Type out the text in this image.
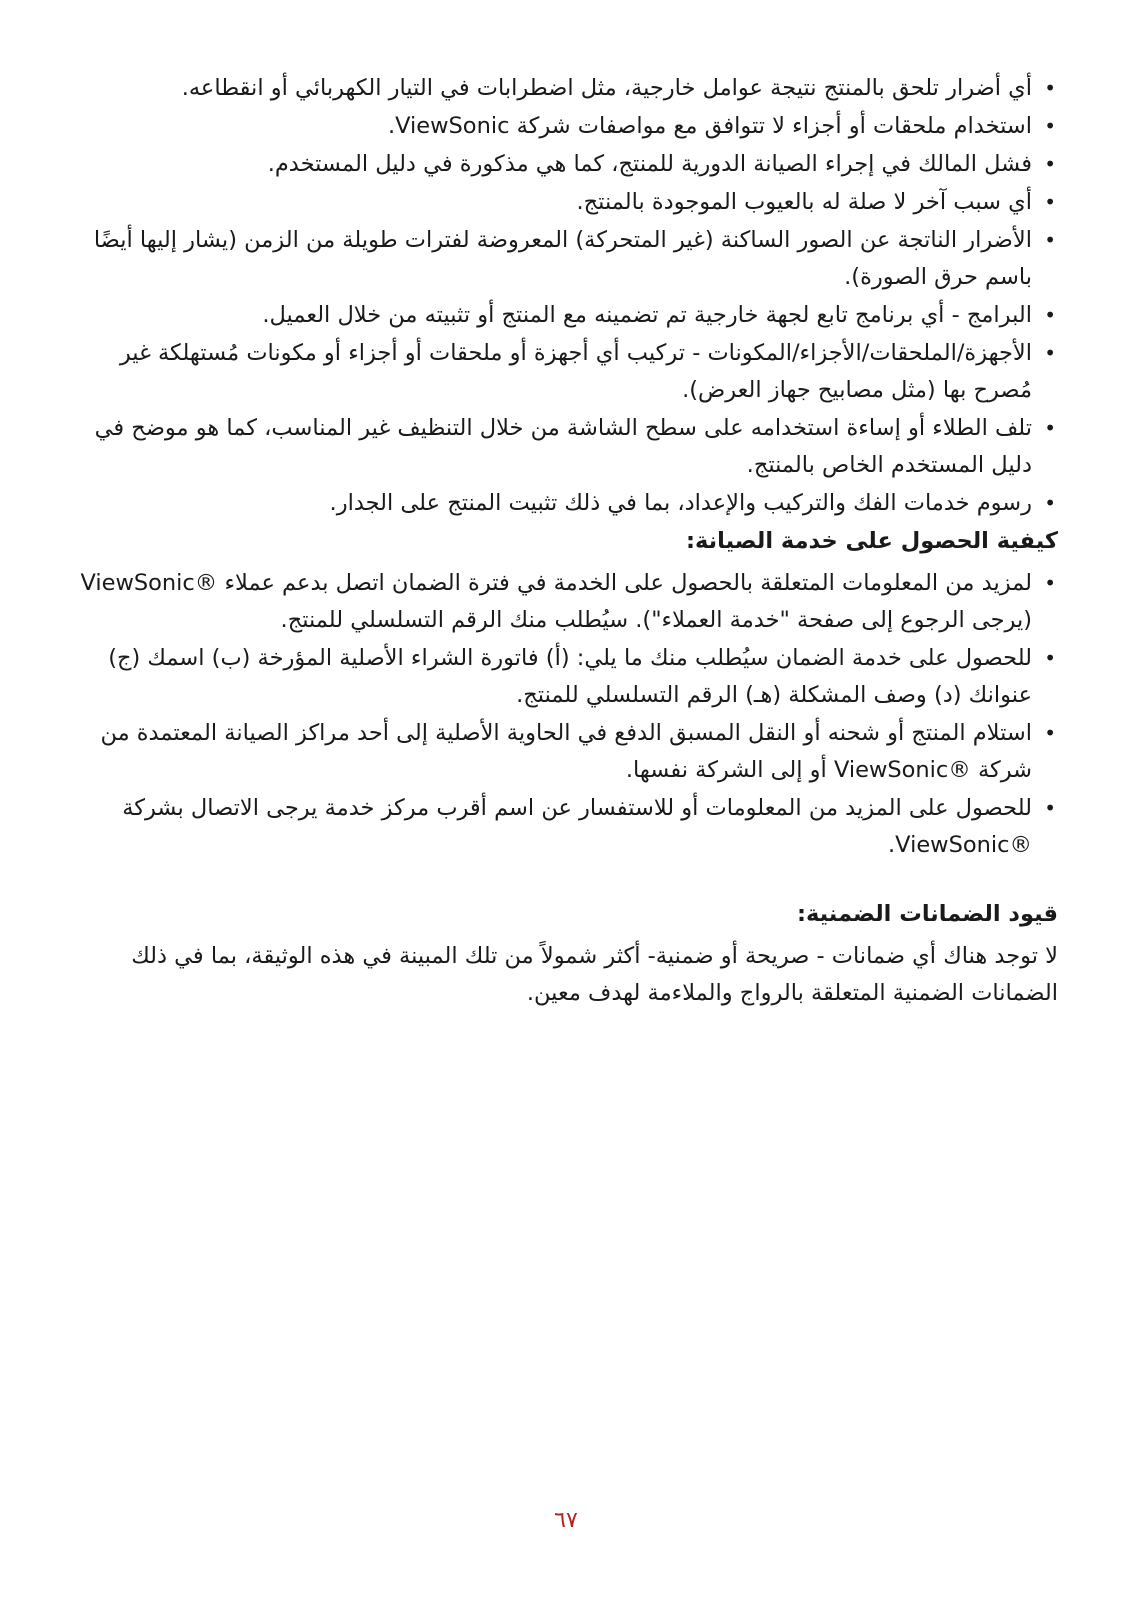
• أي أضرار تلحق بالمنتج نتيجة عوامل خارجية، مثل اضطرابات في التيار الكهربائي أو انقطاعه.
• استخدام ملحقات أو أجزاء لا تتوافق مع مواصفات شركة ViewSonic.
• فشل المالك في إجراء الصيانة الدورية للمنتج، كما هي مذكورة في دليل المستخدم.
• أي سبب آخر لا صلة له بالعيوب الموجودة بالمنتج.
• الأضرار الناتجة عن الصور الساكنة (غير المتحركة) المعروضة لفترات طويلة من الزمن (يشار إليها أيضًا باسم حرق الصورة).
• البرامج - أي برنامج تابع لجهة خارجية تم تضمينه مع المنتج أو تثبيته من خلال العميل.
• الأجهزة/الملحقات/الأجزاء/المكونات - تركيب أي أجهزة أو ملحقات أو أجزاء أو مكونات مُستهلكة غير مُصرح بها (مثل مصابيح جهاز العرض).
• تلف الطلاء أو إساءة استخدامه على سطح الشاشة من خلال التنظيف غير المناسب، كما هو موضح في دليل المستخدم الخاص بالمنتج.
• رسوم خدمات الفك والتركيب والإعداد، بما في ذلك تثبيت المنتج على الجدار.
كيفية الحصول على خدمة الصيانة:
• لمزيد من المعلومات المتعلقة بالحصول على الخدمة في فترة الضمان اتصل بدعم عملاء ®ViewSonic (يرجى الرجوع إلى صفحة "خدمة العملاء"). سيُطلب منك الرقم التسلسلي للمنتج.
• للحصول على خدمة الضمان سيُطلب منك ما يلي: (أ) فاتورة الشراء الأصلية المؤرخة (ب) اسمك (ج) عنوانك (د) وصف المشكلة (هـ) الرقم التسلسلي للمنتج.
• استلام المنتج أو شحنه أو النقل المسبق الدفع في الحاوية الأصلية إلى أحد مراكز الصيانة المعتمدة من شركة ®ViewSonic أو إلى الشركة نفسها.
• للحصول على المزيد من المعلومات أو للاستفسار عن اسم أقرب مركز خدمة يرجى الاتصال بشركة ®ViewSonic.
قيود الضمانات الضمنية:

لا توجد هناك أي ضمانات - صريحة أو ضمنية- أكثر شمولاً من تلك المبينة في هذه الوثيقة، بما في ذلك الضمانات الضمنية المتعلقة بالرواج والملاءمة لهدف معين.

٦٧
